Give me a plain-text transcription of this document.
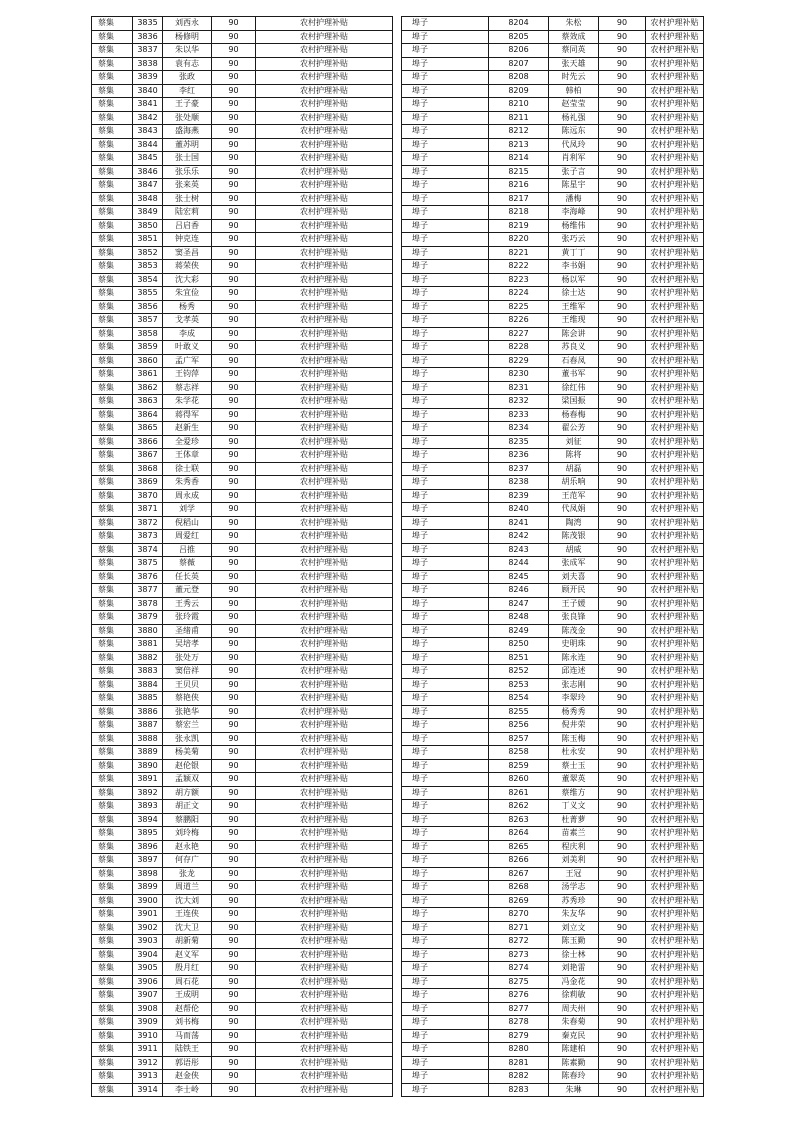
蔡集	3835	刘西永	90	农村护理补贴
蔡集	3836	杨修明	90	农村护理补贴
蔡集	3837	朱以华	90	农村护理补贴
蔡集	3838	袁有志	90	农村护理补贴
蔡集	3839	张政	90	农村护理补贴
蔡集	3840	李红	90	农村护理补贴
蔡集	3841	王子豪	90	农村护理补贴
蔡集	3842	张处顺	90	农村护理补贴
蔡集	3843	盛海燕	90	农村护理补贴
蔡集	3844	董苏明	90	农村护理补贴
蔡集	3845	张士国	90	农村护理补贴
蔡集	3846	张乐乐	90	农村护理补贴
蔡集	3847	张来英	90	农村护理补贴
蔡集	3848	张士树	90	农村护理补贴
蔡集	3849	陆宏莉	90	农村护理补贴
蔡集	3850	吕启香	90	农村护理补贴
蔡集	3851	钟克连	90	农村护理补贴
蔡集	3852	窦圣昌	90	农村护理补贴
蔡集	3853	蒋荣侠	90	农村护理补贴
蔡集	3854	沈大彩	90	农村护理补贴
蔡集	3855	朱宜俭	90	农村护理补贴
蔡集	3856	杨秀	90	农村护理补贴
蔡集	3857	戈孝英	90	农村护理补贴
蔡集	3858	李成	90	农村护理补贴
蔡集	3859	叶敢义	90	农村护理补贴
蔡集	3860	孟广军	90	农村护理补贴
蔡集	3861	王钧萍	90	农村护理补贴
蔡集	3862	蔡志祥	90	农村护理补贴
蔡集	3863	朱学花	90	农村护理补贴
蔡集	3864	蒋得军	90	农村护理补贴
蔡集	3865	赵新生	90	农村护理补贴
蔡集	3866	全爱珍	90	农村护理补贴
蔡集	3867	王体章	90	农村护理补贴
蔡集	3868	徐士联	90	农村护理补贴
蔡集	3869	朱秀香	90	农村护理补贴
蔡集	3870	周永成	90	农村护理补贴
蔡集	3871	刘学	90	农村护理补贴
蔡集	3872	倪稻山	90	农村护理补贴
蔡集	3873	周爱红	90	农村护理补贴
蔡集	3874	吕推	90	农村护理补贴
蔡集	3875	蔡薇	90	农村护理补贴
蔡集	3876	任长英	90	农村护理补贴
蔡集	3877	董元登	90	农村护理补贴
蔡集	3878	王秀云	90	农村护理补贴
蔡集	3879	张玲霞	90	农村护理补贴
蔡集	3880	圣绪甫	90	农村护理补贴
蔡集	3881	吴培孝	90	农村护理补贴
蔡集	3882	张处万	90	农村护理补贴
蔡集	3883	窦倍祥	90	农村护理补贴
蔡集	3884	王贝贝	90	农村护理补贴
蔡集	3885	蔡艳侠	90	农村护理补贴
蔡集	3886	张艳华	90	农村护理补贴
蔡集	3887	蔡宏兰	90	农村护理补贴
蔡集	3888	张永凯	90	农村护理补贴
蔡集	3889	杨美菊	90	农村护理补贴
蔡集	3890	赵伦银	90	农村护理补贴
蔡集	3891	孟颖双	90	农村护理补贴
蔡集	3892	胡方额	90	农村护理补贴
蔡集	3893	胡正文	90	农村护理补贴
蔡集	3894	蔡鹏阳	90	农村护理补贴
蔡集	3895	刘玲梅	90	农村护理补贴
蔡集	3896	赵永艳	90	农村护理补贴
蔡集	3897	何存广	90	农村护理补贴
蔡集	3898	张龙	90	农村护理补贴
蔡集	3899	周道兰	90	农村护理补贴
蔡集	3900	沈大刘	90	农村护理补贴
蔡集	3901	王连侠	90	农村护理补贴
蔡集	3902	沈大卫	90	农村护理补贴
蔡集	3903	胡新菊	90	农村护理补贴
蔡集	3904	赵义军	90	农村护理补贴
蔡集	3905	殷月红	90	农村护理补贴
蔡集	3906	周石花	90	农村护理补贴
蔡集	3907	王成明	90	农村护理补贴
蔡集	3908	赵帮伦	90	农村护理补贴
蔡集	3909	刘书梅	90	农村护理补贴
蔡集	3910	马而荡	90	农村护理补贴
蔡集	3911	陆铁王	90	农村护理补贴
蔡集	3912	郭语彤	90	农村护理补贴
蔡集	3913	赵金侠	90	农村护理补贴
蔡集	3914	李士岭	90	农村护理补贴
埠子	8204	朱松	90	农村护理补贴
埠子	8205	蔡效成	90	农村护理补贴
埠子	8206	蔡同英	90	农村护理补贴
埠子	8207	张天雄	90	农村护理补贴
埠子	8208	时先云	90	农村护理补贴
埠子	8209	韩柏	90	农村护理补贴
埠子	8210	赵莹莹	90	农村护理补贴
埠子	8211	杨礼强	90	农村护理补贴
埠子	8212	陈远东	90	农村护理补贴
埠子	8213	代凤玲	90	农村护理补贴
埠子	8214	肖利军	90	农村护理补贴
埠子	8215	张子言	90	农村护理补贴
埠子	8216	陈星宇	90	农村护理补贴
埠子	8217	潘梅	90	农村护理补贴
埠子	8218	李海峰	90	农村护理补贴
埠子	8219	杨维伟	90	农村护理补贴
埠子	8220	张巧云	90	农村护理补贴
埠子	8221	黄丁丁	90	农村护理补贴
埠子	8222	李书娟	90	农村护理补贴
埠子	8223	杨以军	90	农村护理补贴
埠子	8224	徐士达	90	农村护理补贴
埠子	8225	王维军	90	农村护理补贴
埠子	8226	王维现	90	农村护理补贴
埠子	8227	陈会讲	90	农村护理补贴
埠子	8228	苏良义	90	农村护理补贴
埠子	8229	石春凤	90	农村护理补贴
埠子	8230	董书军	90	农村护理补贴
埠子	8231	徐红伟	90	农村护理补贴
埠子	8232	梁国振	90	农村护理补贴
埠子	8233	杨春梅	90	农村护理补贴
埠子	8234	翟公芳	90	农村护理补贴
埠子	8235	刘征	90	农村护理补贴
埠子	8236	陈将	90	农村护理补贴
埠子	8237	胡磊	90	农村护理补贴
埠子	8238	胡乐响	90	农村护理补贴
埠子	8239	王范军	90	农村护理补贴
埠子	8240	代凤娟	90	农村护理补贴
埠子	8241	陶湾	90	农村护理补贴
埠子	8242	陈茂银	90	农村护理补贴
埠子	8243	胡威	90	农村护理补贴
埠子	8244	张成军	90	农村护理补贴
埠子	8245	刘夫喜	90	农村护理补贴
埠子	8246	顾开民	90	农村护理补贴
埠子	8247	王子媛	90	农村护理补贴
埠子	8248	张良锋	90	农村护理补贴
埠子	8249	陈茂金	90	农村护理补贴
埠子	8250	史明珠	90	农村护理补贴
埠子	8251	陈永连	90	农村护理补贴
埠子	8252	邱连述	90	农村护理补贴
埠子	8253	张志刚	90	农村护理补贴
埠子	8254	李翠玲	90	农村护理补贴
埠子	8255	杨秀秀	90	农村护理补贴
埠子	8256	倪井荣	90	农村护理补贴
埠子	8257	陈玉梅	90	农村护理补贴
埠子	8258	杜永安	90	农村护理补贴
埠子	8259	蔡士玉	90	农村护理补贴
埠子	8260	董翠英	90	农村护理补贴
埠子	8261	蔡维方	90	农村护理补贴
埠子	8262	丁义文	90	农村护理补贴
埠子	8263	杜菁萝	90	农村护理补贴
埠子	8264	苗素兰	90	农村护理补贴
埠子	8265	程庆利	90	农村护理补贴
埠子	8266	刘美利	90	农村护理补贴
埠子	8267	王冠	90	农村护理补贴
埠子	8268	汤学志	90	农村护理补贴
埠子	8269	苏秀珍	90	农村护理补贴
埠子	8270	朱友华	90	农村护理补贴
埠子	8271	刘立文	90	农村护理补贴
埠子	8272	陈玉勤	90	农村护理补贴
埠子	8273	徐士林	90	农村护理补贴
埠子	8274	刘艳雷	90	农村护理补贴
埠子	8275	冯金花	90	农村护理补贴
埠子	8276	徐莉敏	90	农村护理补贴
埠子	8277	周夫州	90	农村护理补贴
埠子	8278	朱春菊	90	农村护理补贴
埠子	8279	秦克民	90	农村护理补贴
埠子	8280	陈建柏	90	农村护理补贴
埠子	8281	陈素勤	90	农村护理补贴
埠子	8282	陈春玲	90	农村护理补贴
埠子	8283	朱琳	90	农村护理补贴
